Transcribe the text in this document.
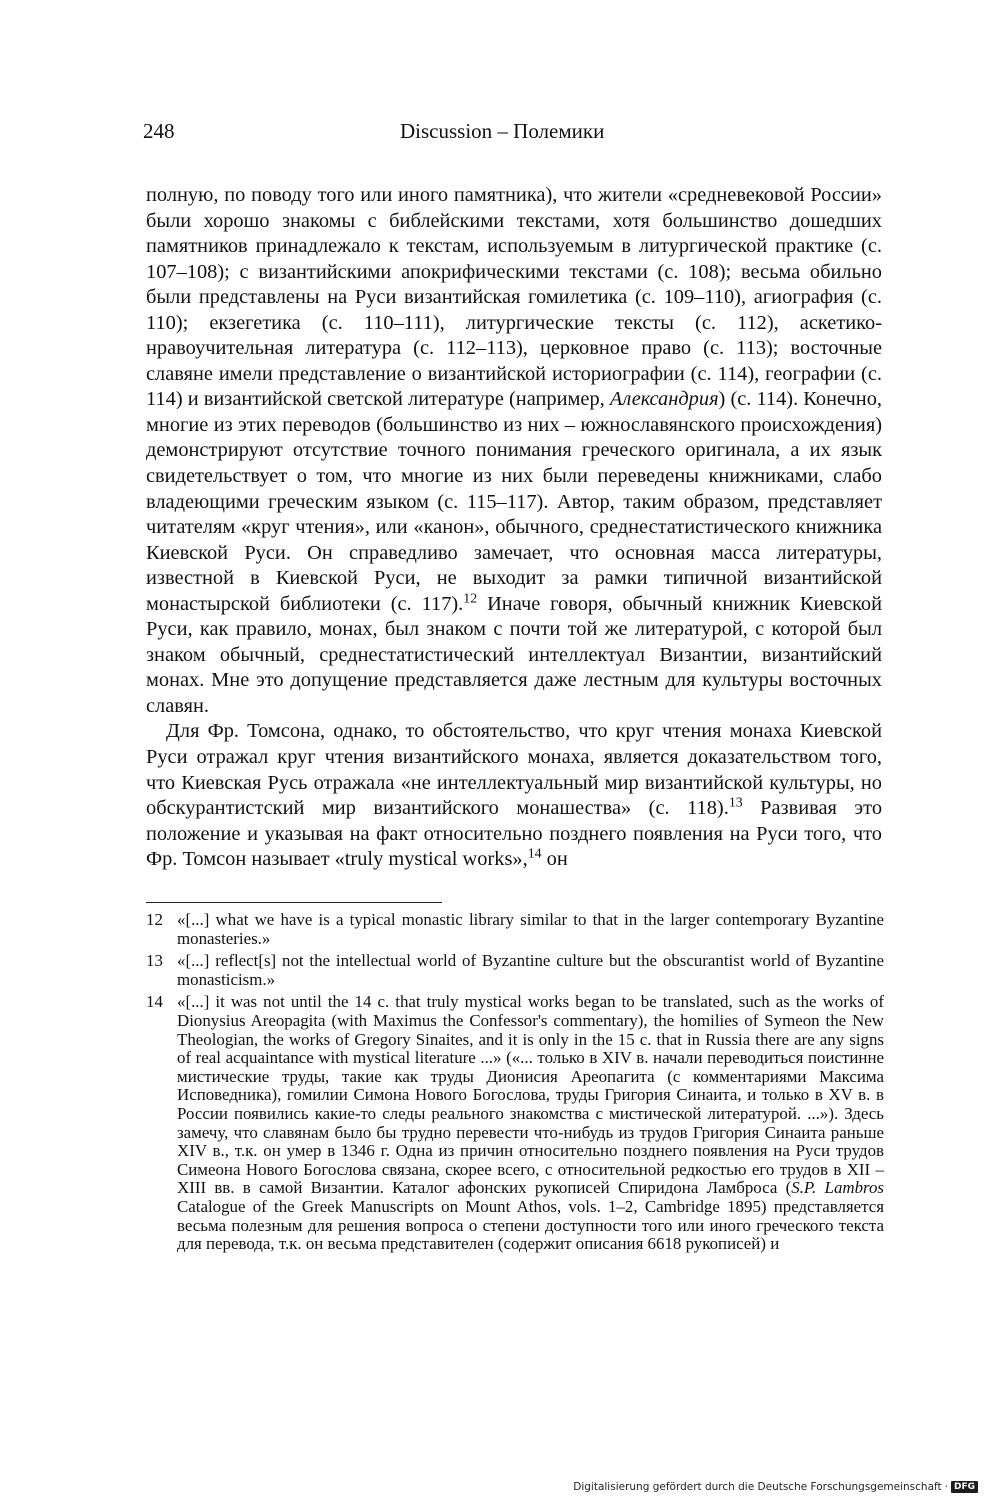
248	Discussion – Полемики

полную, по поводу того или иного памятника), что жители «средневековой России» были хорошо знакомы с библейскими текстами, хотя большинство дошедших памятников принадлежало к текстам, используемым в литургической практике (с. 107–108); с византийскими апокрифическими текстами (с. 108); весьма обильно были представлены на Руси византийская гомилетика (с. 109–110), агиография (с. 110); екзегетика (с. 110–111), литургические тексты (с. 112), аскетико-нравоучительная литература (с. 112–113), церковное право (с. 113); восточные славяне имели представление о византийской историографии (с. 114), географии (с. 114) и византийской светской литературе (например, Александрия) (с. 114). Конечно, многие из этих переводов (большинство из них – южнославянского происхождения) демонстрируют отсутствие точного понимания греческого оригинала, а их язык свидетельствует о том, что многие из них были переведены книжниками, слабо владеющими греческим языком (с. 115–117). Автор, таким образом, представляет читателям «круг чтения», или «канон», обычного, среднестатистического книжника Киевской Руси. Он справедливо замечает, что основная масса литературы, известной в Киевской Руси, не выходит за рамки типичной византийской монастырской библиотеки (с. 117).$^{12}$ Иначе говоря, обычный книжник Киевской Руси, как правило, монах, был знаком с почти той же литературой, с которой был знаком обычный, среднестатистический интеллектуал Византии, византийский монах. Мне это допущение представляется даже лестным для культуры восточных славян.

Для Фр. Томсона, однако, то обстоятельство, что круг чтения монаха Киевской Руси отражал круг чтения византийского монаха, является доказательством того, что Киевская Русь отражала «не интеллектуальный мир византийской культуры, но обскурантистский мир византийского монашества» (с. 118).$^{13}$ Развивая это положение и указывая на факт относительно позднего появления на Руси того, что Фр. Томсон называет «truly mystical works»,$^{14}$ он

12 «[...] what we have is a typical monastic library similar to that in the larger contemporary Byzantine monasteries.»
13 «[...] reflect[s] not the intellectual world of Byzantine culture but the obscurantist world of Byzantine monasticism.»
14 «[...] it was not until the 14 c. that truly mystical works began to be translated, such as the works of Dionysius Areopagita (with Maximus the Confessor's commentary), the homilies of Symeon the New Theologian, the works of Gregory Sinaites, and it is only in the 15 c. that in Russia there are any signs of real acquaintance with mystical literature ...» («... только в XIV в. начали переводиться поистинне мистические труды, такие как труды Дионисия Ареопагита (с комментариями Максима Исповедника), гомилии Симона Нового Богослова, труды Григория Синаита, и только в XV в. в России появились какие-то следы реального знакомства с мистической литературой. ...»). Здесь замечу, что славянам было бы трудно перевести что-нибудь из трудов Григория Синаита раньше XIV в., т.к. он умер в 1346 г. Одна из причин относительно позднего появления на Руси трудов Симеона Нового Богослова связана, скорее всего, с относительной редкостью его трудов в XII –XIII вв. в самой Византии. Каталог афонских рукописей Спиридона Ламброса (S.P. Lambros Catalogue of the Greek Manuscripts on Mount Athos, vols. 1–2, Cambridge 1895) представляется весьма полезным для решения вопроса о степени доступности того или иного греческого текста для перевода, т.к. он весьма представителен (содержит описания 6618 рукописей) и
Digitalisierung gefördert durch die Deutsche Forschungsgemeinschaft · DFG
